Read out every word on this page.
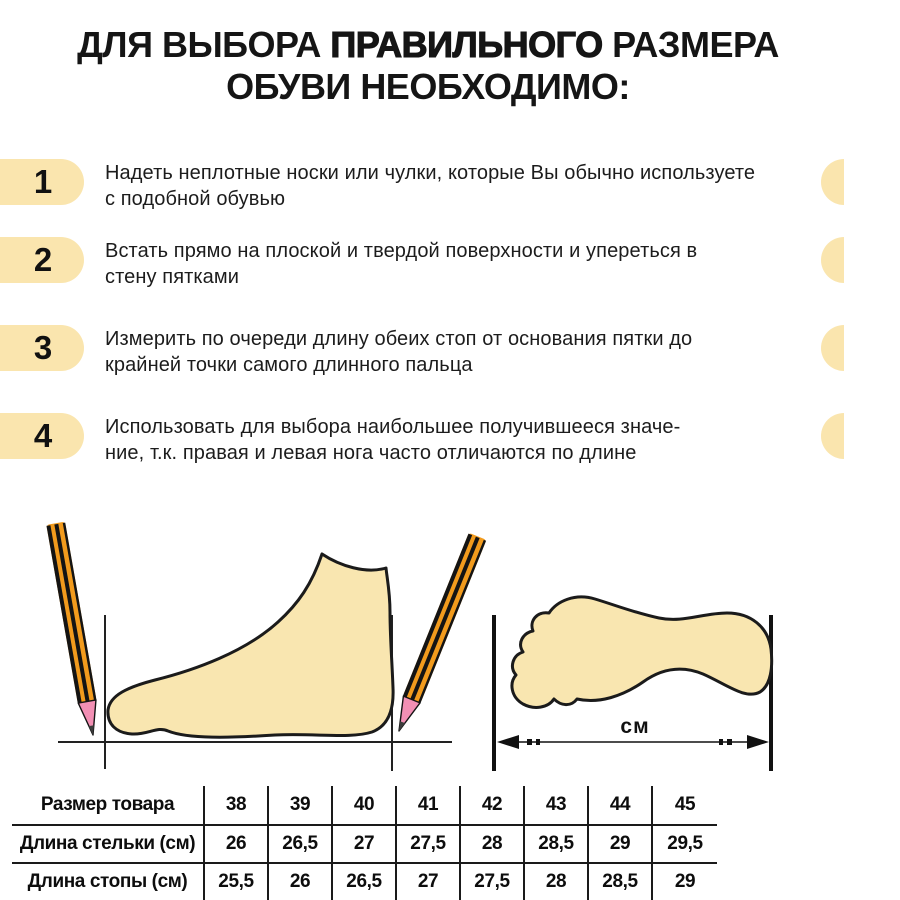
ДЛЯ ВЫБОРА ПРАВИЛЬНОГО РАЗМЕРА
ОБУВИ НЕОБХОДИМО:
1	Надеть неплотные носки или чулки, которые Вы обычно используете
с подобной обувью
2	Встать прямо на плоской и твердой поверхности и упереться в
стену пятками
3	Измерить по очереди длину обеих стоп от основания пятки до
крайней точки самого длинного пальца
4	Использовать для выбора наибольшее получившееся значе-
ние, т.к. правая и левая нога часто отличаются по длине
см
Размер товара	38	39	40	41	42	43	44	45
Длина стельки (см)	26	26,5	27	27,5	28	28,5	29	29,5
Длина стопы (см)	25,5	26	26,5	27	27,5	28	28,5	29
